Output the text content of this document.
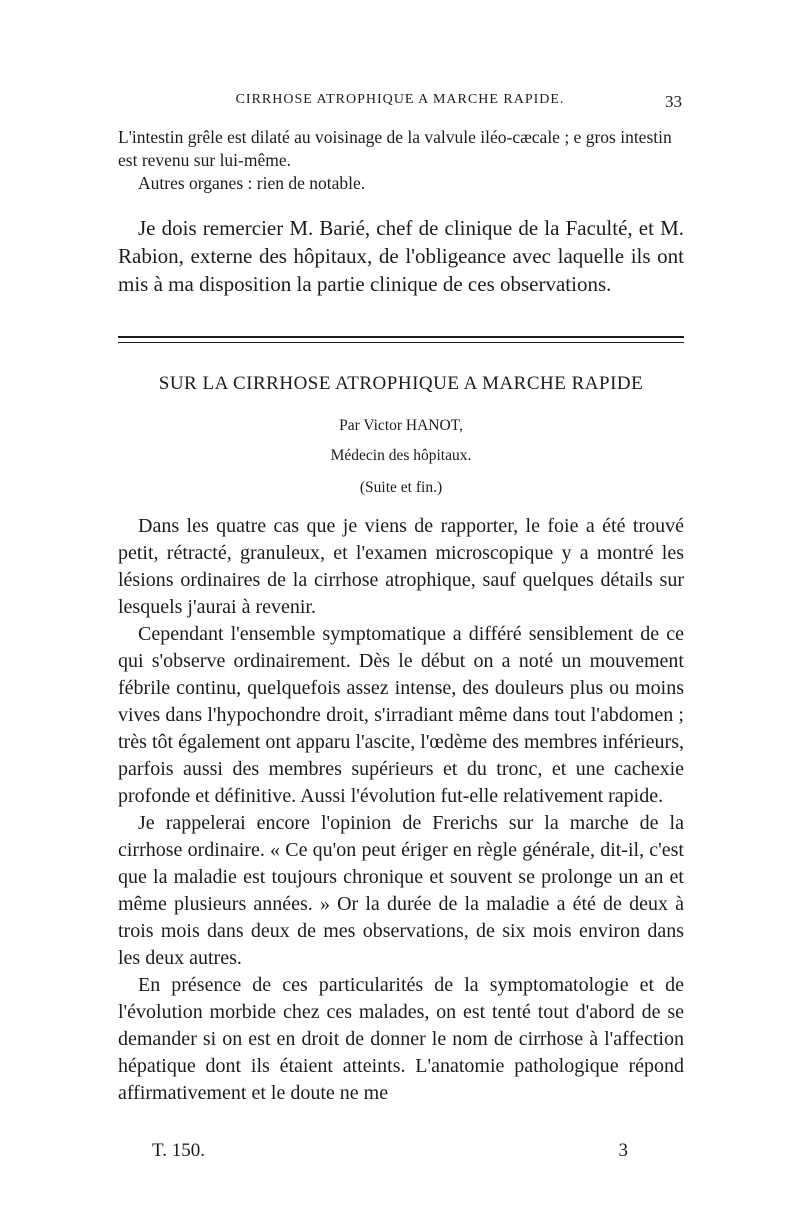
CIRRHOSE ATROPHIQUE A MARCHE RAPIDE.	33

L'intestin grêle est dilaté au voisinage de la valvule iléo-cæcale ; e gros intestin est revenu sur lui-même.

Autres organes : rien de notable.

Je dois remercier M. Barié, chef de clinique de la Faculté, et M. Rabion, externe des hôpitaux, de l'obligeance avec laquelle ils ont mis à ma disposition la partie clinique de ces observations.

SUR LA CIRRHOSE ATROPHIQUE A MARCHE RAPIDE
Par Victor HANOT,
Médecin des hôpitaux.
(Suite et fin.)

Dans les quatre cas que je viens de rapporter, le foie a été trouvé petit, rétracté, granuleux, et l'examen microscopique y a montré les lésions ordinaires de la cirrhose atrophique, sauf quelques détails sur lesquels j'aurai à revenir.

Cependant l'ensemble symptomatique a différé sensiblement de ce qui s'observe ordinairement. Dès le début on a noté un mouvement fébrile continu, quelquefois assez intense, des douleurs plus ou moins vives dans l'hypochondre droit, s'irradiant même dans tout l'abdomen ; très tôt également ont apparu l'ascite, l'œdème des membres inférieurs, parfois aussi des membres supérieurs et du tronc, et une cachexie profonde et définitive. Aussi l'évolution fut-elle relativement rapide.

Je rappelerai encore l'opinion de Frerichs sur la marche de la cirrhose ordinaire. « Ce qu'on peut ériger en règle générale, dit-il, c'est que la maladie est toujours chronique et souvent se prolonge un an et même plusieurs années. » Or la durée de la maladie a été de deux à trois mois dans deux de mes observations, de six mois environ dans les deux autres.

En présence de ces particularités de la symptomatologie et de l'évolution morbide chez ces malades, on est tenté tout d'abord de se demander si on est en droit de donner le nom de cirrhose à l'affection hépatique dont ils étaient atteints. L'anatomie pathologique répond affirmativement et le doute ne me

T. 150.	3
